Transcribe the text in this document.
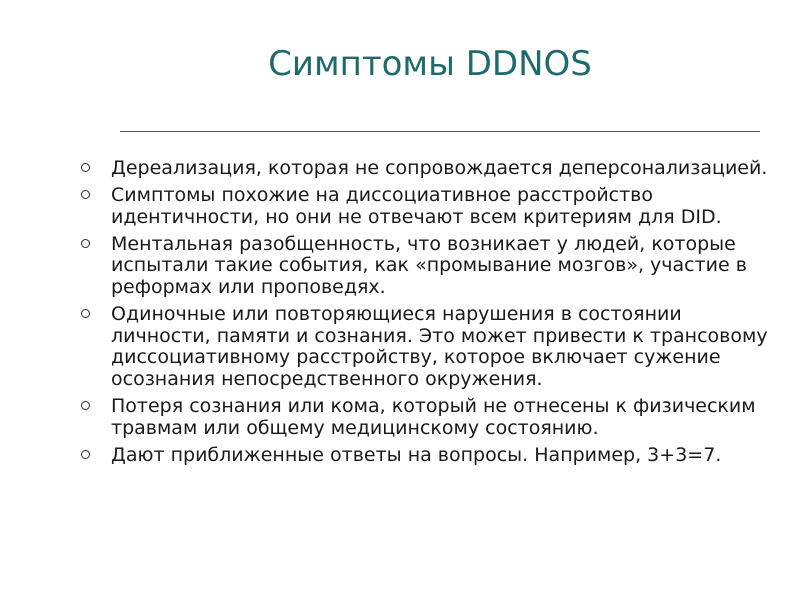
Симптомы DDNOS
Дереализация, которая не сопровождается деперсонализацией.
Симптомы похожие на диссоциативное расстройство идентичности, но они не отвечают всем критериям для DID.
Ментальная разобщенность, что возникает у людей, которые испытали такие события, как «промывание мозгов», участие в реформах или проповедях.
Одиночные или повторяющиеся нарушения в состоянии личности, памяти и сознания. Это может привести к трансовому диссоциативному расстройству, которое включает сужение осознания непосредственного окружения.
Потеря сознания или кома, который не отнесены к физическим травмам или общему медицинскому состоянию.
Дают приближенные ответы на вопросы. Например, 3+3=7.
